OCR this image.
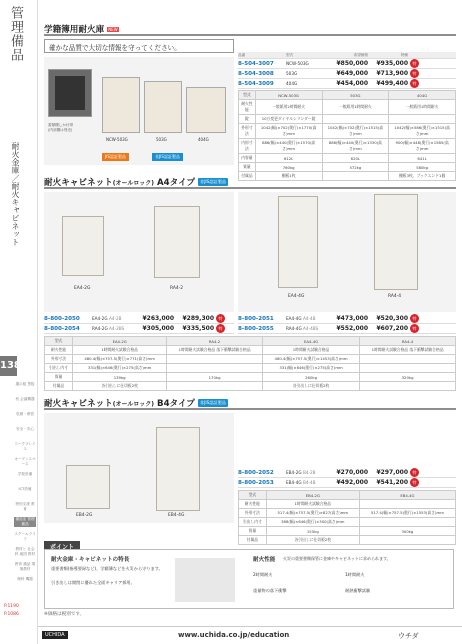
管理備品
耐火金庫／耐火キャビネット
138
掲示板 黒板
机 会議機器
収納・保管
安全・安心
ワークプレイス
オープンスペース
学校設備
ICT設備
特別支援 教育
備品室 管理備品
スクールライフ
教材と 社会科 地図 教材
教育 備品 環境教材
理科 機器
P.1190
P.1086
学籍簿用耐火庫 NEW
確かな品質で大切な情報を守ってください。
書類棚しか付帯
(内部棚は別売)
NCW-503G	503G	404G
JIS認証製品	非JIS認証製品
品番	型式	希望価格	特価
8-504-3007	NCW-503G	¥850,000	¥935,000	特
8-504-3008	503G	¥649,000	¥713,900	特
8-504-3009	404G	¥454,000	¥499,400	特
型式	NCW-503G	503G	404G
耐火性能	一般紙用2時間耐火	一般紙用1時間耐火	一般紙用1時間耐火
錠	10万変更ダイヤルシリンダー錠		
外形寸法	1042(幅)×702(奥行)×1770(高さ)mm	1042(幅)×702(奥行)×1515(高さ)mm	1042(幅)×586(奥行)×1515(高さ)mm
内形寸法	886(幅)×440(奥行)×1570(高さ)mm	886(幅)×440(奥行)×1330(高さ)mm	900(幅)×448(奥行)×1585(高さ)mm
内容量	612L	620L	641L
質量	760kg	572kg	580kg
付属品	棚板1枚		棚板3枚、ブックエンド1個
耐火キャビネット(オールロック) A4タイプ	非JIS認証製品
EA4-2G	RA4-2
EA4-4G	RA4-4
8-800-2050	EA4-2G A4-2B	¥263,000	¥289,300	特
8-800-2054	RA4-2G A4-2BS	¥305,000	¥335,500	特
8-800-2051	EA4-4G A4-4B	¥473,000	¥520,300	特
8-800-2055	RA4-4G A4-4BS	¥552,000	¥607,200	特
型式	EA4-2G	RA4-2	EA4-4G	RA4-4
耐火性能	1時間耐火試験合格品	1時間耐火試験合格品 落下衝撃試験合格品	1時間耐火試験合格品	1時間耐火試験合格品 落下衝撃試験合格品
外形寸法	480.4(幅)×757.5(奥行)×771(高さ)mm		480.4(幅)×757.5(奥行)×1453(高さ)mm	
引出し内寸	331(幅)×646(奥行)×275(高さ)mm		331(幅)×646(奥行)×275(高さ)mm	
質量	139kg	170kg	260kg	320kg
付属品	各引出しに仕切板2枚		各引出しに仕切板2枚	
耐火キャビネット(オールロック) B4タイプ	非JIS認証製品
EB4-2G	EB4-4G
8-800-2052	EB4-2G B4-2B	¥270,000	¥297,000	特
8-800-2053	EB4-4G B4-4B	¥492,000	¥541,200	特
型式	EB4-2G	EB4-4G
耐火性能	1時間耐火試験合格品	
外形寸法	517.4(幅)×757.5(奥行)×827(高さ)mm	517.4(幅)×757.5(奥行)×1553(高さ)mm
引出し内寸	388(幅)×646(奥行)×300(高さ)mm	
質量	155kg	300kg
付属品	各引出しに仕切板2枚	
ポイント
耐火金庫・キャビネットの特長
重要書類(指導要録など)、学籍簿などを火災から守ります。
引き出しは開閉に優れた全面キャリア採用。
耐火性能 火災の重要書類保管に金庫やキャビネットに求められます。
2時間耐火	1時間耐火
重量物の落下衝撃	耐熱衝撃試験
※価格は税別です。
UCHIDA	www.uchida.co.jp/education	ウチダ
